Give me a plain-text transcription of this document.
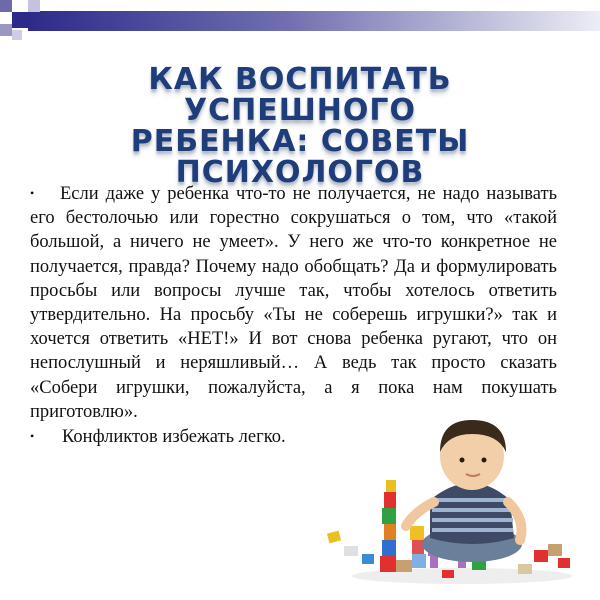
КАК ВОСПИТАТЬ УСПЕШНОГО
РЕБЕНКА: СОВЕТЫ
ПСИХОЛОГОВ

• Если даже у ребенка что-то не получается, не надо называть его бестолочью или горестно сокрушаться о том, что «такой большой, а ничего не умеет». У него же что-то конкретное не получается, правда? Почему надо обобщать? Да и формулировать просьбы или вопросы лучше так, чтобы хотелось ответить утвердительно. На просьбу «Ты не соберешь игрушки?» так и хочется ответить «НЕТ!» И вот снова ребенка ругают, что он непослушный и неряшливый… А ведь так просто сказать «Собери игрушки, пожалуйста, а я пока нам покушать приготовлю».

• Конфликтов избежать легко.
